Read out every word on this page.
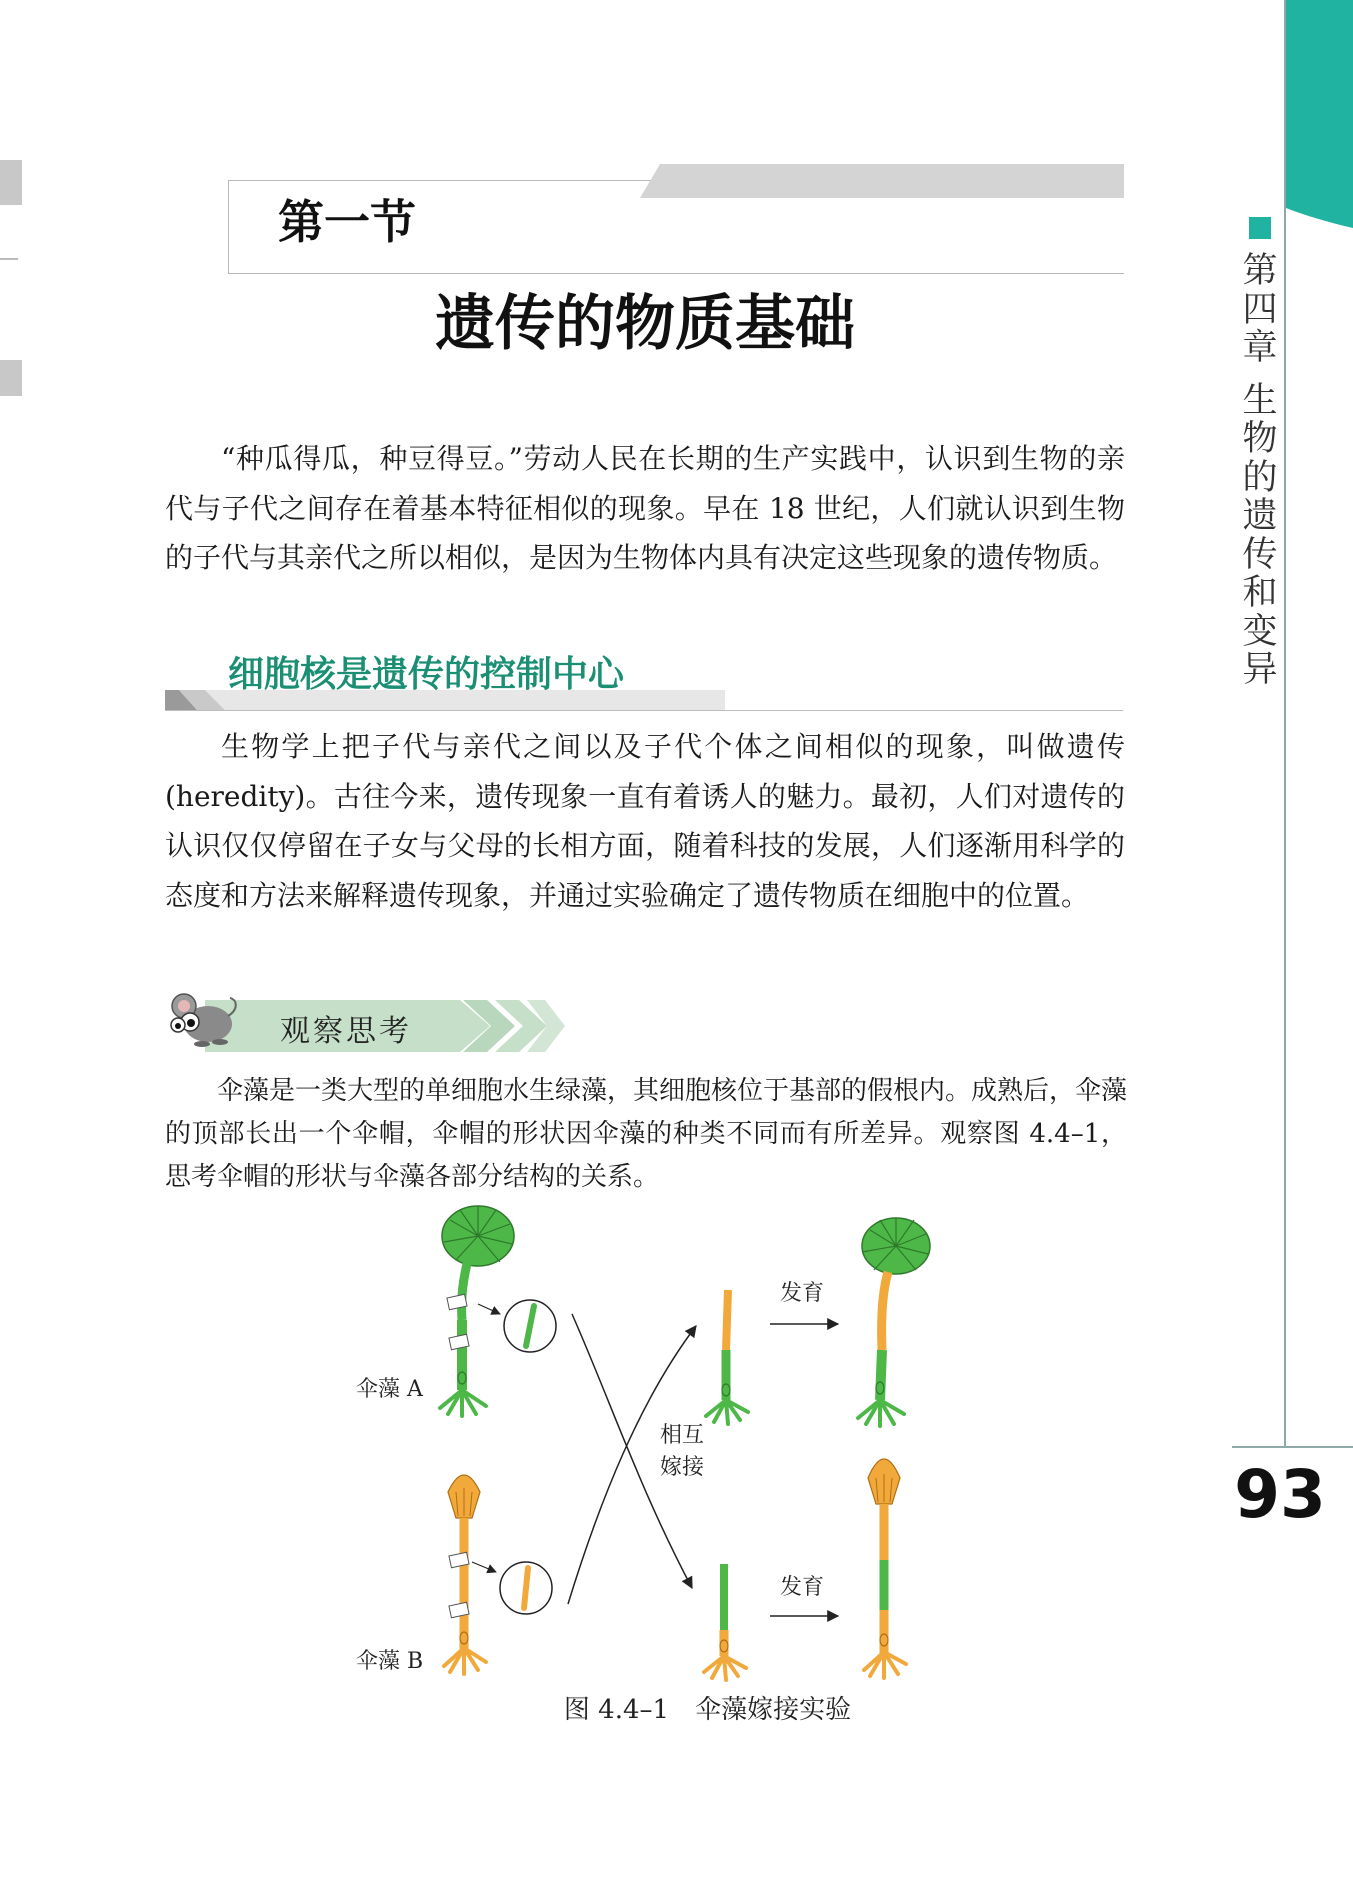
第四章
生物的遗传和变异
93
第一节
遗传的物质基础

“种瓜得瓜，种豆得豆。”劳动人民在长期的生产实践中，认识到生物的亲代与子代之间存在着基本特征相似的现象。早在 18 世纪，人们就认识到生物的子代与其亲代之所以相似，是因为生物体内具有决定这些现象的遗传物质。

细胞核是遗传的控制中心

生物学上把子代与亲代之间以及子代个体之间相似的现象，叫做遗传(heredity)。古往今来，遗传现象一直有着诱人的魅力。最初，人们对遗传的认识仅仅停留在子女与父母的长相方面，随着科技的发展，人们逐渐用科学的态度和方法来解释遗传现象，并通过实验确定了遗传物质在细胞中的位置。

观察思考

伞藻是一类大型的单细胞水生绿藻，其细胞核位于基部的假根内。成熟后，伞藻的顶部长出一个伞帽，伞帽的形状因伞藻的种类不同而有所差异。观察图 4.4–1，思考伞帽的形状与伞藻各部分结构的关系。

伞藻 A
伞藻 B
相互
嫁接
发育
发育
图 4.4–1　伞藻嫁接实验
